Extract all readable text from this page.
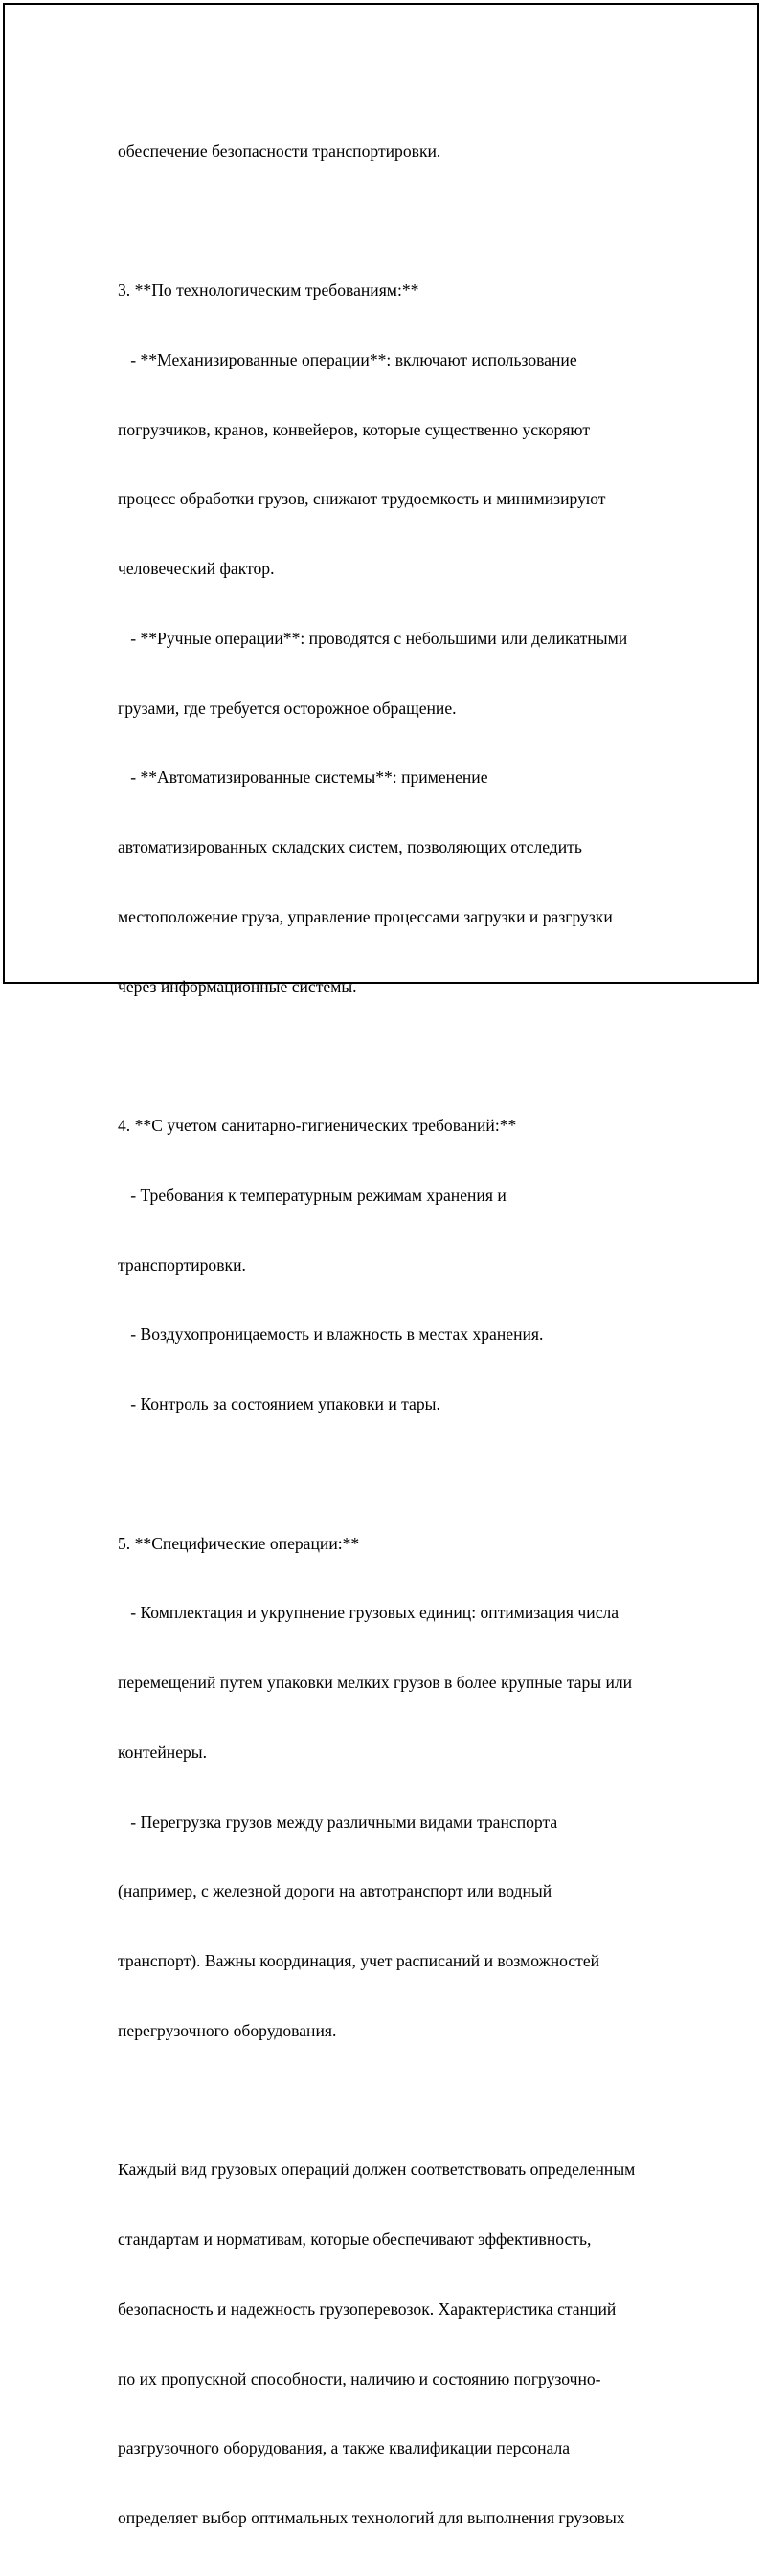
обеспечение безопасности транспортировки.

3. **По технологическим требованиям:**

- **Механизированные операции**: включают использование

погрузчиков, кранов, конвейеров, которые существенно ускоряют

процесс обработки грузов, снижают трудоемкость и минимизируют

человеческий фактор.

- **Ручные операции**: проводятся с небольшими или деликатными

грузами, где требуется осторожное обращение.

- **Автоматизированные системы**: применение

автоматизированных складских систем, позволяющих отследить

местоположение груза, управление процессами загрузки и разгрузки

через информационные системы.

4. **С учетом санитарно-гигиенических требований:**

- Требования к температурным режимам хранения и

транспортировки.

- Воздухопроницаемость и влажность в местах хранения.

- Контроль за состоянием упаковки и тары.

5. **Специфические операции:**

- Комплектация и укрупнение грузовых единиц: оптимизация числа

перемещений путем упаковки мелких грузов в более крупные тары или

контейнеры.

- Перегрузка грузов между различными видами транспорта

(например, с железной дороги на автотранспорт или водный

транспорт). Важны координация, учет расписаний и возможностей

перегрузочного оборудования.

Каждый вид грузовых операций должен соответствовать определенным

стандартам и нормативам, которые обеспечивают эффективность,

безопасность и надежность грузоперевозок. Характеристика станций

по их пропускной способности, наличию и состоянию погрузочно-

разгрузочного оборудования, а также квалификации персонала

определяет выбор оптимальных технологий для выполнения грузовых
